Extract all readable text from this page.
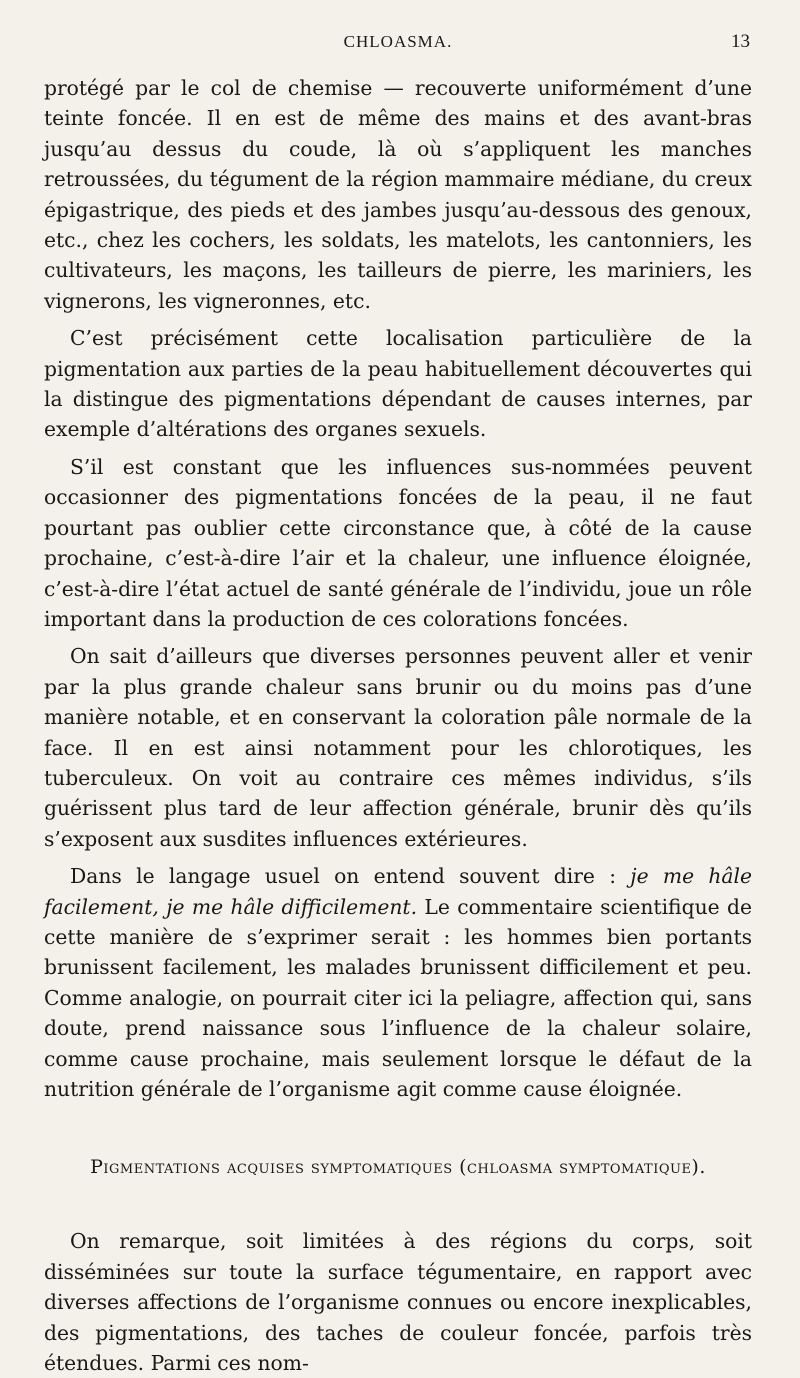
CHLOASMA.	13

protégé par le col de chemise — recouverte uniformément d’une teinte foncée. Il en est de même des mains et des avant-bras jusqu’au dessus du coude, là où s’appliquent les manches retroussées, du tégument de la région mammaire médiane, du creux épigastrique, des pieds et des jambes jusqu’au-dessous des genoux, etc., chez les cochers, les soldats, les matelots, les cantonniers, les cultivateurs, les maçons, les tailleurs de pierre, les mariniers, les vignerons, les vigneronnes, etc.

C’est précisément cette localisation particulière de la pigmentation aux parties de la peau habituellement découvertes qui la distingue des pigmentations dépendant de causes internes, par exemple d’altérations des organes sexuels.

S’il est constant que les influences sus-nommées peuvent occasionner des pigmentations foncées de la peau, il ne faut pourtant pas oublier cette circonstance que, à côté de la cause prochaine, c’est-à-dire l’air et la chaleur, une influence éloignée, c’est-à-dire l’état actuel de santé générale de l’individu, joue un rôle important dans la production de ces colorations foncées.

On sait d’ailleurs que diverses personnes peuvent aller et venir par la plus grande chaleur sans brunir ou du moins pas d’une manière notable, et en conservant la coloration pâle normale de la face. Il en est ainsi notamment pour les chlorotiques, les tuberculeux. On voit au contraire ces mêmes individus, s’ils guérissent plus tard de leur affection générale, brunir dès qu’ils s’exposent aux susdites influences extérieures.

Dans le langage usuel on entend souvent dire : je me hâle facilement, je me hâle difficilement. Le commentaire scientifique de cette manière de s’exprimer serait : les hommes bien portants brunissent facilement, les malades brunissent difficilement et peu. Comme analogie, on pourrait citer ici la peliagre, affection qui, sans doute, prend naissance sous l’influence de la chaleur solaire, comme cause prochaine, mais seulement lorsque le défaut de la nutrition générale de l’organisme agit comme cause éloignée.

Pigmentations acquises symptomatiques (chloasma symptomatique).

On remarque, soit limitées à des régions du corps, soit disséminées sur toute la surface tégumentaire, en rapport avec diverses affections de l’organisme connues ou encore inexplicables, des pigmentations, des taches de couleur foncée, parfois très étendues. Parmi ces nom-
